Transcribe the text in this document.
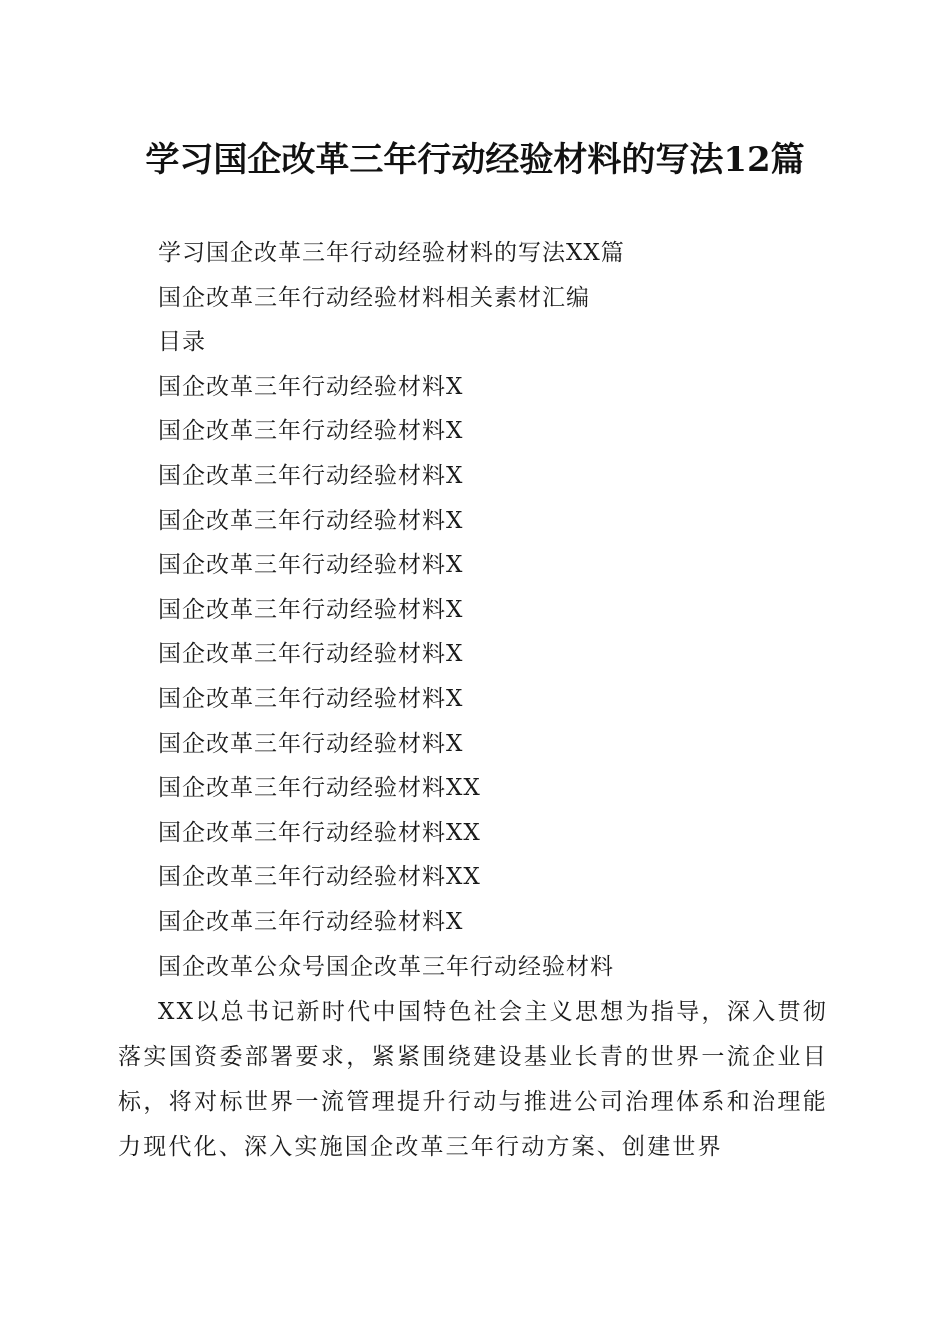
学习国企改革三年行动经验材料的写法12篇
学习国企改革三年行动经验材料的写法XX篇
国企改革三年行动经验材料相关素材汇编
目录
国企改革三年行动经验材料X
国企改革三年行动经验材料X
国企改革三年行动经验材料X
国企改革三年行动经验材料X
国企改革三年行动经验材料X
国企改革三年行动经验材料X
国企改革三年行动经验材料X
国企改革三年行动经验材料X
国企改革三年行动经验材料X
国企改革三年行动经验材料XX
国企改革三年行动经验材料XX
国企改革三年行动经验材料XX
国企改革三年行动经验材料X
国企改革公众号国企改革三年行动经验材料

XX以总书记新时代中国特色社会主义思想为指导，深入贯彻落实国资委部署要求，紧紧围绕建设基业长青的世界一流企业目标，将对标世界一流管理提升行动与推进公司治理体系和治理能力现代化、深入实施国企改革三年行动方案、创建世界
